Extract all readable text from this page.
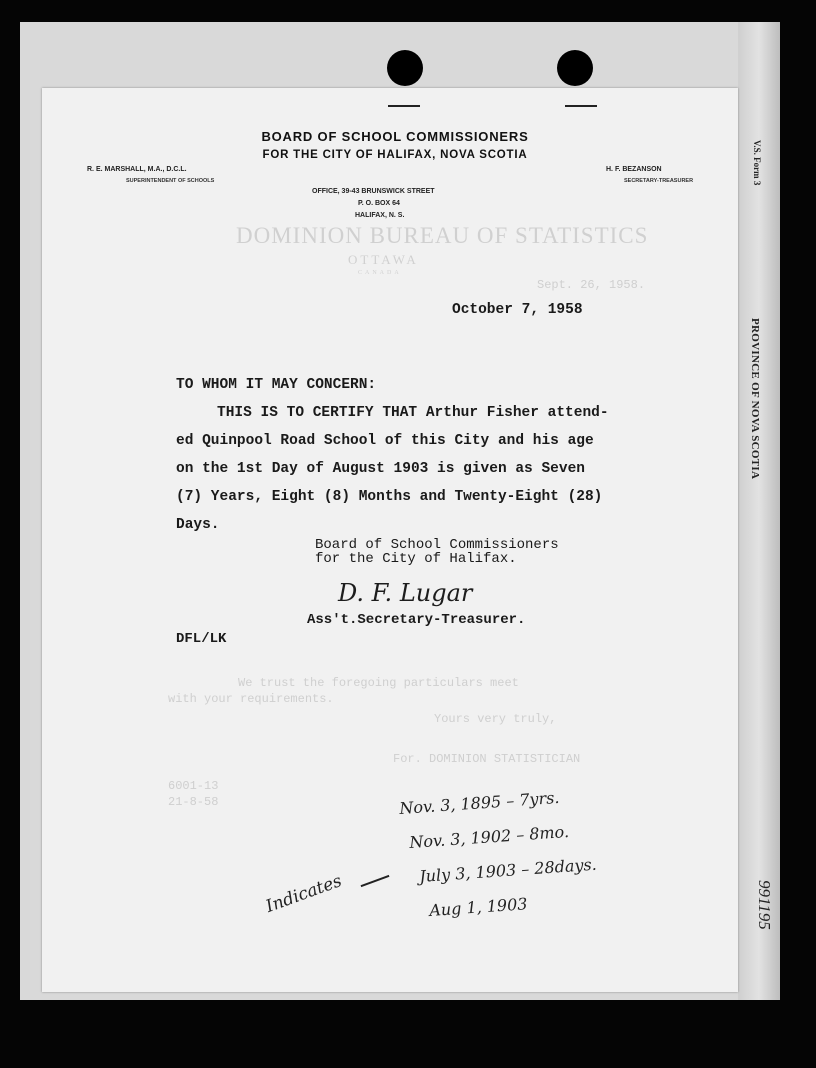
V.S. Form 3
PROVINCE OF NOVA SCOTIA
991195
DOMINION BUREAU OF STATISTICS
OTTAWA
CANADA
Sept. 26, 1958.
We trust the foregoing particulars meet
with your requirements.
Yours very truly,
For. DOMINION STATISTICIAN
6001-13
21-8-58
BOARD OF SCHOOL COMMISSIONERS
FOR THE CITY OF HALIFAX, NOVA SCOTIA
R. E. MARSHALL, M.A., D.C.L.
SUPERINTENDENT OF SCHOOLS
H. F. BEZANSON
SECRETARY-TREASURER
OFFICE, 39-43 BRUNSWICK STREET
P. O. BOX 64
HALIFAX, N. S.
October 7, 1958
TO WHOM IT MAY CONCERN:
THIS IS TO CERTIFY THAT Arthur Fisher attend-
ed Quinpool Road School of this City and his age
on the 1st Day of August 1903 is given as Seven
(7) Years, Eight (8) Months and Twenty-Eight (28)
Days.
Board of School Commissioners
for the City of Halifax.
D. F. Lugar
Ass't.Secretary-Treasurer.
DFL/LK
Indicates
Nov. 3, 1895 – 7yrs.
Nov. 3, 1902 – 8mo.
July 3, 1903 – 28days.
Aug 1, 1903
